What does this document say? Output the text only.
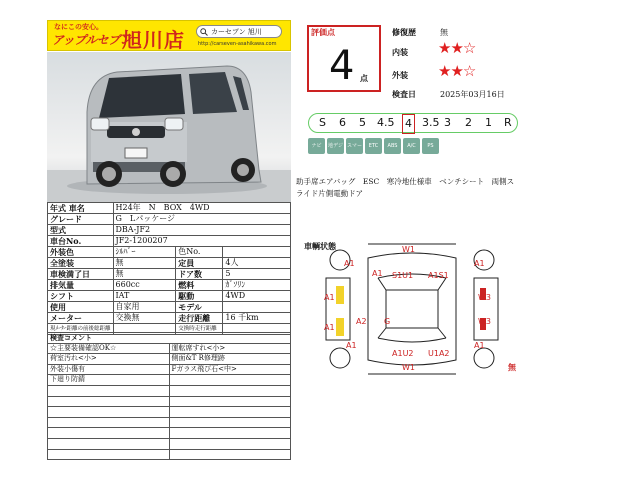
なにこの安心。
アップルセブン
旭川店	カーセブン 旭川
http://carseven-asahikawa.com
年式 車名	H24年　N　BOX　4WD		
グレード	G　Lパッケージ		
型式	DBA-JF2		
車台No.	JF2-1200207		
外装色	ｼﾙﾊﾞｰ	色No.	
全塗装	無	定員	4人
車検満了日	無	ドア数	5
排気量	660cc	燃料	ｶﾞｿﾘﾝ
シフト	IAT	駆動	4WD
使用	自家用	モデル	
メーター	交換無	走行距離	16 千km
現ﾒｰﾀｰ距離の前後総距離		交換時走行距離	
検査コメント	
☆主要装備確認OK☆	運転席すれ<小>
荷室汚れ<小>	側面&T R修理跡
外装小傷有	Fガラス飛び石<中>
下廻り防錆	

評価点
4 点
修復歴	無
内装 ★★☆
外装 ★★☆
検査日	2025年03月16日
S 6 5 4.5 4 3.5 3 2 1 R
ナビ	地デジ スマート
ETC	ABS	A/C	PS
助手席エアバッグ　ESC　寒冷地仕様車　ベンチシート　両側スライド片側電動ドア
車輌状態	W1
A1
A1
S1U1 A1S1
A1
A1	W3
A2 G
A1
W3
A1
A1U2 U1A2
W1
A1
無
